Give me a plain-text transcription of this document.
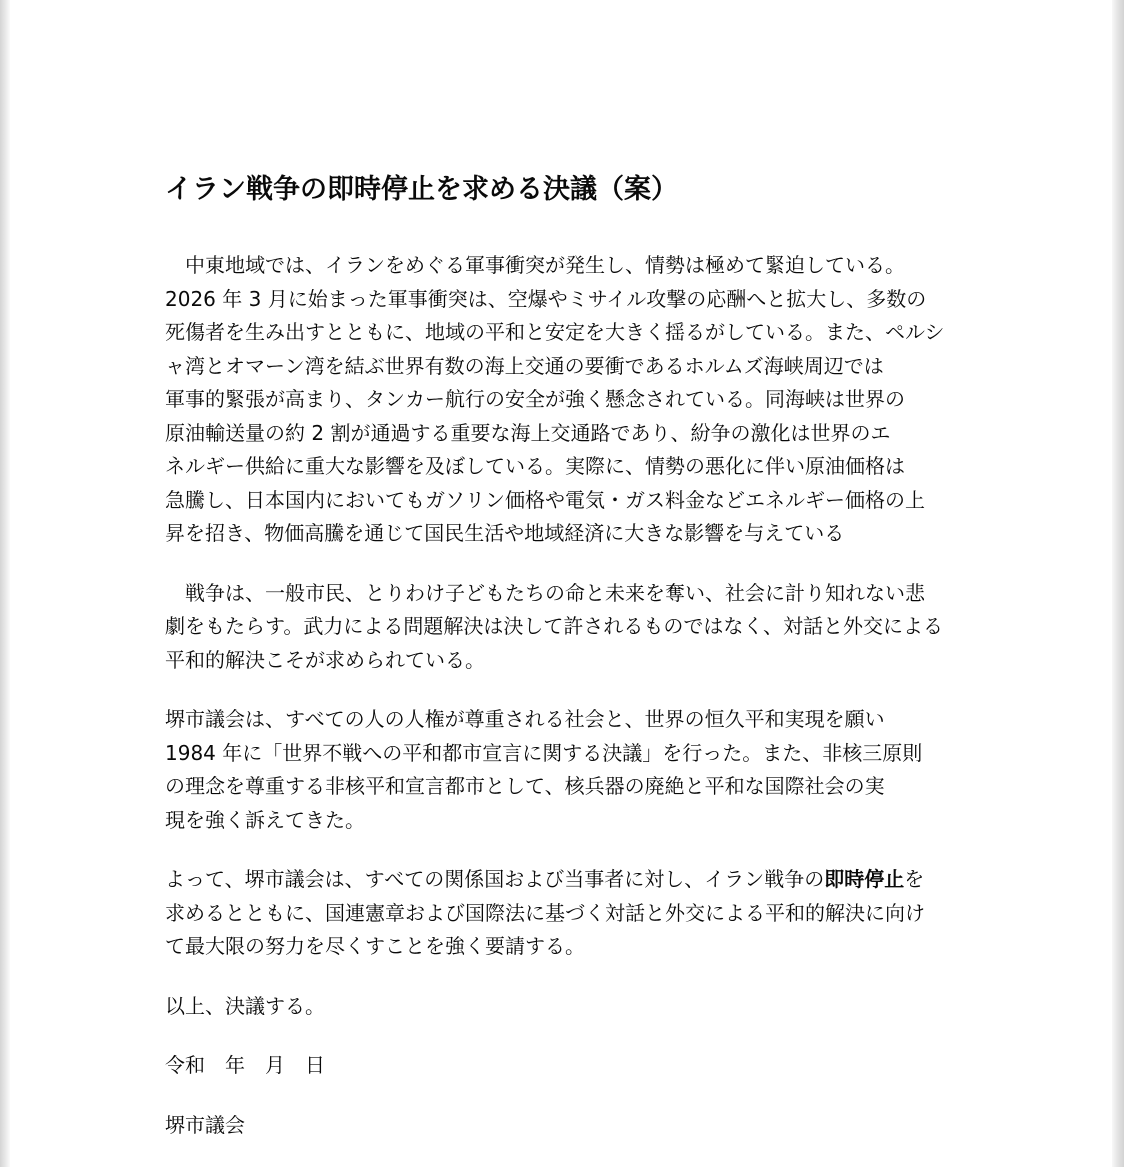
イラン戦争の即時停止を求める決議（案）
　中東地域では、イランをめぐる軍事衝突が発生し、情勢は極めて緊迫している。
2026 年 3 月に始まった軍事衝突は、空爆やミサイル攻撃の応酬へと拡大し、多数の
死傷者を生み出すとともに、地域の平和と安定を大きく揺るがしている。また、ペルシ
ャ湾とオマーン湾を結ぶ世界有数の海上交通の要衝であるホルムズ海峡周辺では
軍事的緊張が高まり、タンカー航行の安全が強く懸念されている。同海峡は世界の
原油輸送量の約 2 割が通過する重要な海上交通路であり、紛争の激化は世界のエ
ネルギー供給に重大な影響を及ぼしている。実際に、情勢の悪化に伴い原油価格は
急騰し、日本国内においてもガソリン価格や電気・ガス料金などエネルギー価格の上
昇を招き、物価高騰を通じて国民生活や地域経済に大きな影響を与えている
　戦争は、一般市民、とりわけ子どもたちの命と未来を奪い、社会に計り知れない悲
劇をもたらす。武力による問題解決は決して許されるものではなく、対話と外交による
平和的解決こそが求められている。
堺市議会は、すべての人の人権が尊重される社会と、世界の恒久平和実現を願い
1984 年に「世界不戦への平和都市宣言に関する決議」を行った。また、非核三原則
の理念を尊重する非核平和宣言都市として、核兵器の廃絶と平和な国際社会の実
現を強く訴えてきた。
よって、堺市議会は、すべての関係国および当事者に対し、イラン戦争の即時停止を
求めるとともに、国連憲章および国際法に基づく対話と外交による平和的解決に向け
て最大限の努力を尽くすことを強く要請する。
以上、決議する。
令和　年　月　日
堺市議会
